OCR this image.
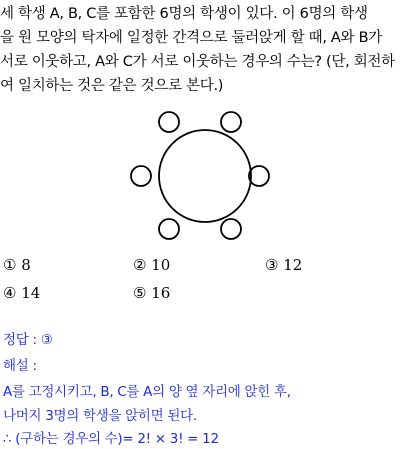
세 학생 A, B, C를 포함한 6명의 학생이 있다. 이 6명의 학생
을 원 모양의 탁자에 일정한 간격으로 둘러앉게 할 때, A와 B가
서로 이웃하고, A와 C가 서로 이웃하는 경우의 수는? (단, 회전하
여 일치하는 것은 같은 것으로 본다.)
① 8	② 10	③ 12
④ 14	⑤ 16
정답 : ③
해설 :
A를 고정시키고, B, C를 A의 양 옆 자리에 앉힌 후,
나머지 3명의 학생을 앉히면 된다.
∴ (구하는 경우의 수)= 2! × 3! = 12
